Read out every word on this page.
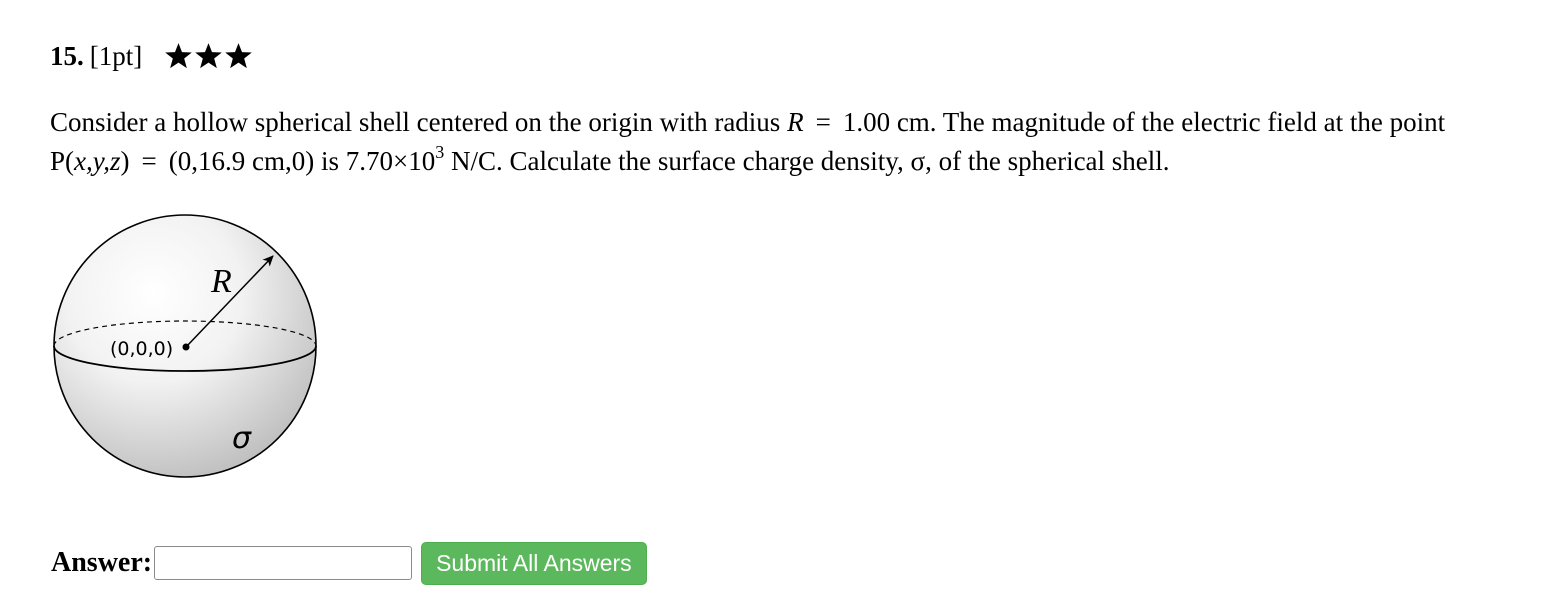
15. [1pt]
Consider a hollow spherical shell centered on the origin with radius R = 1.00 cm. The magnitude of the electric field at the point
P(x,y,z) = (0,16.9 cm,0) is $7.70\times 10^3$ N/C. Calculate the surface charge density, σ, of the spherical shell.
R
(0,0,0)
σ
Answer:	Submit All Answers
